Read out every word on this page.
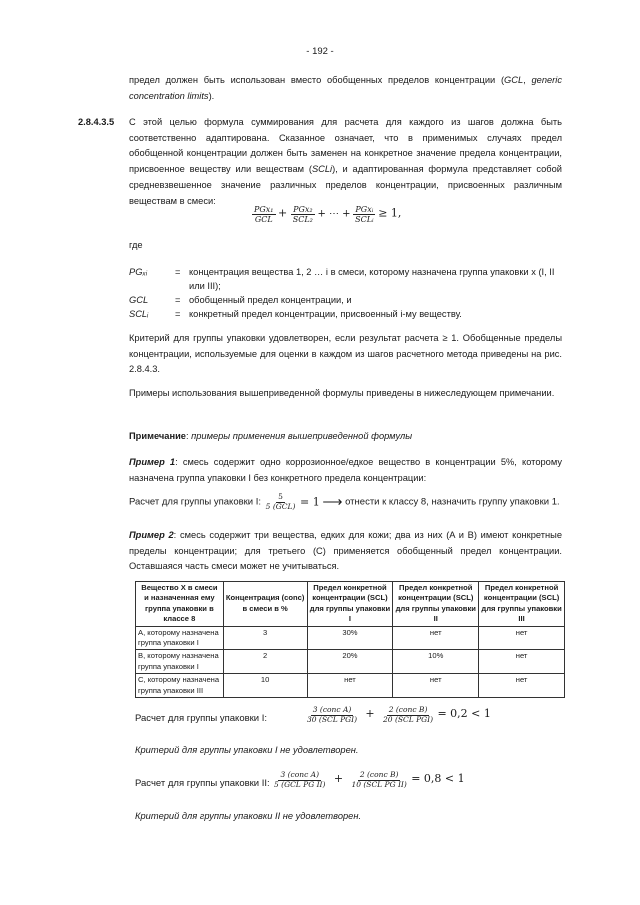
- 192 -
предел должен быть использован вместо обобщенных пределов концентрации (GCL, generic concentration limits).
2.8.4.3.5 С этой целью формула суммирования для расчета для каждого из шагов должна быть соответственно адаптирована. Сказанное означает, что в применимых случаях предел обобщенной концентрации должен быть заменен на конкретное значение предела концентрации, присвоенное веществу или веществам (SCLi), и адаптированная формула представляет собой средневзвешенное значение различных пределов концентрации, присвоенных различным веществам в смеси:
$\frac{\text{PGx₁}}{\text{GCL}} + \frac{\text{PGx₂}}{\text{SCL₂}}$ + ⋯ + $\frac{\text{PGxᵢ}}{\text{SCLᵢ}} \ge 1$,
где
PGₓᵢ	=	концентрация вещества 1, 2 … i в смеси, которому назначена группа упаковки x (I, II или III);
GCL	=	обобщенный предел концентрации, и
SCLᵢ	=	конкретный предел концентрации, присвоенный i-му веществу.
Критерий для группы упаковки удовлетворен, если результат расчета ≥ 1. Обобщенные пределы концентрации, используемые для оценки в каждом из шагов расчетного метода приведены на рис. 2.8.4.3.
Примеры использования вышеприведенной формулы приведены в нижеследующем примечании.
Примечание: примеры применения вышеприведенной формулы
Пример 1: смесь содержит одно коррозионное/едкое вещество в концентрации 5%, которому назначена группа упаковки I без конкретного предела концентрации:
Расчет для группы упаковки I: $\frac{5}{\text{5 (GCL)}} = 1$ ⟶ отнести к классу 8, назначить группу упаковки 1.
Пример 2: смесь содержит три вещества, едких для кожи; два из них (A и B) имеют конкретные пределы концентрации; для третьего (C) применяется обобщенный предел концентрации. Оставшаяся часть смеси может не учитываться.
Вещество X в смеси и назначенная ему группа упаковки в классе 8	Концентрация (conc) в смеси в %	Предел конкретной концентрации (SCL) для группы упаковки I	Предел конкретной концентрации (SCL) для группы упаковки II	Предел конкретной концентрации (SCL) для группы упаковки III
A, которому назначена группа упаковки I	3	30%	нет	нет
B, которому назначена группа упаковки I	2	20%	10%	нет
C, которому назначена группа упаковки III	10	нет	нет	нет
Расчет для группы упаковки I:	$\frac{\text{3 (conc A)}}{\text{30 (SCL PGI)}} + \frac{\text{2 (conc B)}}{\text{20 (SCL PGI)}} = 0,2 < 1$
Критерий для группы упаковки I не удовлетворен.
Расчет для группы упаковки II: $\frac{\text{3 (conc A)}}{\text{5 (GCL PG II)}} + \frac{\text{2 (conc B)}}{\text{10 (SCL PG II)}} = 0,8 < 1$
Критерий для группы упаковки II не удовлетворен.
